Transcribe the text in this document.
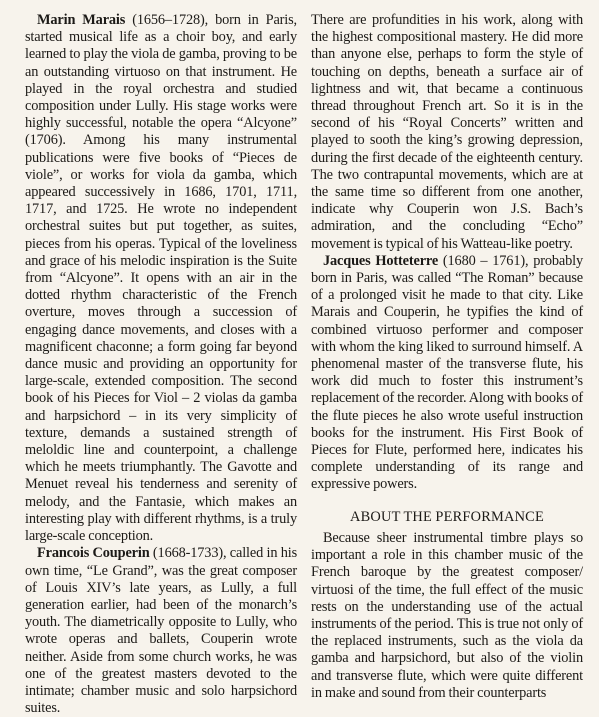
Marin Marais (1656–1728), born in Paris, started musical life as a choir boy, and early learned to play the viola de gamba, proving to be an outstanding virtuoso on that instrument. He played in the royal orchestra and studied composition under Lully. His stage works were highly successful, notable the opera “Alcyone” (1706). Among his many instrumental publications were five books of “Pieces de viole”, or works for viola da gamba, which appeared successively in 1686, 1701, 1711, 1717, and 1725. He wrote no independent orchestral suites but put together, as suites, pieces from his operas. Typical of the loveliness and grace of his melodic inspiration is the Suite from “Alcyone”. It opens with an air in the dotted rhythm characteristic of the French overture, moves through a succession of engaging dance movements, and closes with a magnificent chaconne; a form going far beyond dance music and providing an opportunity for large-scale, extended composition. The second book of his Pieces for Viol – 2 violas da gamba and harpsichord – in its very simplicity of texture, demands a sustained strength of meloldic line and counterpoint, a challenge which he meets triumphantly. The Gavotte and Menuet reveal his tenderness and serenity of melody, and the Fantasie, which makes an interesting play with different rhythms, is a truly large-scale conception.

Francois Couperin (1668-1733), called in his own time, “Le Grand”, was the great composer of Louis XIV’s late years, as Lully, a full generation earlier, had been of the monarch’s youth. The diametrically opposite to Lully, who wrote operas and ballets, Couperin wrote neither. Aside from some church works, he was one of the greatest masters devoted to the intimate; chamber music and solo harpsichord suites.

There are profundities in his work, along with the highest compositional mastery. He did more than anyone else, perhaps to form the style of touching on depths, beneath a surface air of lightness and wit, that became a continuous thread throughout French art. So it is in the second of his “Royal Concerts” written and played to sooth the king’s growing depression, during the first decade of the eighteenth century. The two contrapuntal movements, which are at the same time so different from one another, indicate why Couperin won J.S. Bach’s admiration, and the concluding “Echo” movement is typical of his Watteau-like poetry.

Jacques Hotteterre (1680 – 1761), probably born in Paris, was called “The Roman” because of a prolonged visit he made to that city. Like Marais and Couperin, he typifies the kind of combined virtuoso performer and composer with whom the king liked to surround himself. A phenomenal master of the transverse flute, his work did much to foster this instrument’s replacement of the recorder. Along with books of the flute pieces he also wrote useful instruction books for the instrument. His First Book of Pieces for Flute, performed here, indicates his complete understanding of its range and expressive powers.

ABOUT THE PERFORMANCE

Because sheer instrumental timbre plays so important a role in this chamber music of the French baroque by the greatest composer/ virtuosi of the time, the full effect of the music rests on the understanding use of the actual instruments of the period. This is true not only of the replaced instruments, such as the viola da gamba and harpsichord, but also of the violin and transverse flute, which were quite different in make and sound from their counterparts
